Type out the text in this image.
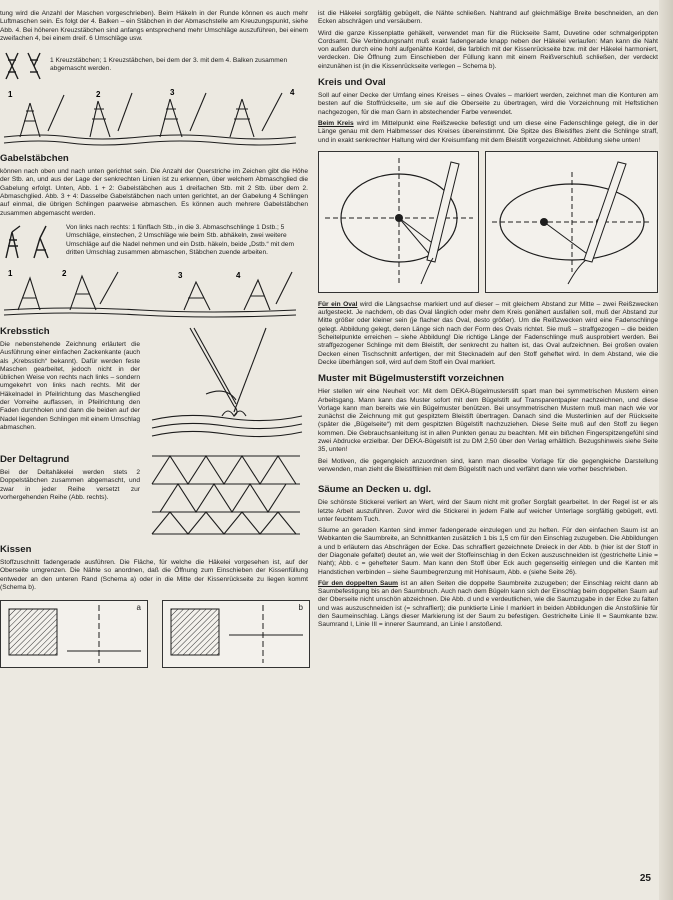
tung wird die Anzahl der Maschen vorgeschrieben). Beim Häkeln in der Runde können es auch mehr Luftmaschen sein. Es folgt der 4. Balken – ein Stäbchen in der Abmaschstelle am Kreuzungspunkt, siehe Abb. 4. Bei höheren Kreuzstäbchen sind anfangs entsprechend mehr Umschläge auszuführen, bei einem zweifachen 4, bei einem dreif. 6 Umschläge usw.

1 Kreuzstäbchen; 1 Kreuzstäbchen, bei dem der 3. mit dem 4. Balken zusammen abgemascht werden.
1	2	3	4
Gabelstäbchen

können nach oben und nach unten gerichtet sein. Die Anzahl der Querstriche im Zeichen gibt die Höhe der Stb. an, und aus der Lage der senkrechten Linien ist zu erkennen, über welchem Abmaschglied die Gabelung erfolgt. Unten, Abb. 1 + 2: Gabelstäbchen aus 1 dreifachen Stb. mit 2 Stb. über dem 2. Abmaschglied. Abb. 3 + 4: Dasselbe Gabelstäbchen nach unten gerichtet, an der Gabelung 4 Schlingen auf einmal, die übrigen Schlingen paarweise abmaschen. Es können auch mehrere Gabelstäbchen zusammen abgemascht werden.

Von links nach rechts: 1 fünffach Stb., in die 3. Abmaschschlinge 1 Dstb.; 5 Umschläge, einstechen, 2 Umschläge wie beim Stb. abhäkeln, zwei weitere Umschläge auf die Nadel nehmen und ein Dstb. häkeln, beide „Dstb.“ mit dem dritten Umschlag zusammen abmaschen, Stäbchen zuende arbeiten.
1	2	3	4
Krebsstich

Die nebenstehende Zeichnung erläutert die Ausführung einer einfachen Zackenkante (auch als „Krebsstich“ bekannt). Dafür werden feste Maschen gearbeitet, jedoch nicht in der üblichen Weise von rechts nach links – sondern umgekehrt von links nach rechts. Mit der Häkelnadel in Pfeilrichtung das Maschenglied der Vorreihe auffassen, in Pfeilrichtung den Faden durchholen und dann die beiden auf der Nadel liegenden Schlingen mit einem Umschlag abmaschen.

Der Deltagrund

Bei der Deltahäkelei werden stets 2 Doppelstäbchen zusammen abgemascht, und zwar in jeder Reihe versetzt zur vorhergehenden Reihe (Abb. rechts).

Kissen

Stoffzuschnitt fadengerade ausführen. Die Fläche, für welche die Häkelei vorgesehen ist, auf der Oberseite umgrenzen. Die Nähte so anordnen, daß die Öffnung zum Einschieben der Kissenfüllung entweder an den unteren Rand (Schema a) oder in die Mitte der Kissenrückseite zu liegen kommt (Schema b).

a	b

ist die Häkelei sorgfältig gebügelt, die Nähte schließen. Nahtrand auf gleichmäßige Breite beschneiden, an den Ecken abschrägen und versäubern.

Wird die ganze Kissenplatte gehäkelt, verwendet man für die Rückseite Samt, Duvetine oder schmalgerippten Cordsamt. Die Verbindungsnaht muß exakt fadengerade knapp neben der Häkelei verlaufen: Man kann die Naht von außen durch eine hohl aufgenähte Kordel, die farblich mit der Kissenrückseite bzw. mit der Häkelei harmoniert, verdecken. Die Öffnung zum Einschieben der Füllung kann mit einem Reißverschluß schließen, der verdeckt einzunähen ist (in die Kissenrückseite verlegen – Schema b).

Kreis und Oval

Soll auf einer Decke der Umfang eines Kreises – eines Ovales – markiert werden, zeichnet man die Konturen am besten auf die Stoffrückseite, um sie auf die Oberseite zu übertragen, wird die Vorzeichnung mit Heftstichen nachgezogen, für die man Garn in abstechender Farbe verwendet.

Beim Kreis wird im Mittelpunkt eine Reißzwecke befestigt und um diese eine Fadenschlinge gelegt, die in der Länge genau mit dem Halbmesser des Kreises übereinstimmt. Die Spitze des Bleistiftes zieht die Schlinge straff, und in exakt senkrechter Haltung wird der Kreisumfang mit dem Bleistift vorgezeichnet. Abbildung siehe unten!

Für ein Oval wird die Längsachse markiert und auf dieser – mit gleichem Abstand zur Mitte – zwei Reißzwecken aufgesteckt. Je nachdem, ob das Oval länglich oder mehr dem Kreis genähert ausfallen soll, muß der Abstand zur Mitte größer oder kleiner sein (je flacher das Oval, desto größer). Um die Reißzwecken wird eine Fadenschlinge gelegt. Abbildung gelegt, deren Länge sich nach der Form des Ovals richtet. Sie muß – straffgezogen – die beiden Scheitelpunkte erreichen – siehe Abbildung! Die richtige Länge der Fadenschlinge muß ausprobiert werden. Bei straffgezogener Schlinge mit dem Bleistift, der senkrecht zu halten ist, das Oval aufzeichnen. Bei großen ovalen Decken einen Tischschnitt anfertigen, der mit Stecknadeln auf den Stoff geheftet wird. In dem Abstand, wie die Decke überhängen soll, wird auf dem Stoff ein Oval markiert.

Muster mit Bügelmusterstift vorzeichnen

Hier stellen wir eine Neuheit vor: Mit dem DEKA-Bügelmusterstift spart man bei symmetrischen Mustern einen Arbeitsgang. Mann kann das Muster sofort mit dem Bügelstift auf Transparentpapier nachzeichnen, und diese Vorlage kann man bereits wie ein Bügelmuster benützen. Bei unsymmetrischen Mustern muß man nach wie vor zunächst die Zeichnung mit gut gespitztem Bleistift übertragen. Danach sind die Musterlinien auf der Rückseite (später die „Bügelseite“) mit dem gespitzten Bügelstift nachzuziehen. Diese Seite muß auf den Stoff zu liegen kommen. Die Gebrauchsanleitung ist in allen Punkten genau zu beachten. Mit ein bißchen Fingerspitzengefühl sind zwei Abdrucke erzielbar. Der DEKA-Bügelstift ist zu DM 2,50 über den Verlag erhältlich. Bezugshinweis siehe Seite 35, unten!

Bei Motiven, die gegengleich anzuordnen sind, kann man dieselbe Vorlage für die gegengleiche Darstellung verwenden, man zieht die Bleistiftlinien mit dem Bügelstift nach und verfährt dann wie vorher beschrieben.

Säume an Decken u. dgl.

Die schönste Stickerei verliert an Wert, wird der Saum nicht mit großer Sorgfalt gearbeitet. In der Regel ist er als letzte Arbeit auszuführen. Zuvor wird die Stickerei in jedem Falle auf weicher Unterlage sorgfältig gebügelt, evtl. unter feuchtem Tuch.

Säume an geraden Kanten sind immer fadengerade einzulegen und zu heften. Für den einfachen Saum ist an Webkanten die Saumbreite, an Schnittkanten zusätzlich 1 bis 1,5 cm für den Einschlag zuzugeben. Die Abbildungen a und b erläutern das Abschrägen der Ecke. Das schraffiert gezeichnete Dreieck in der Abb. b (hier ist der Stoff in der Diagonale gefaltet) deutet an, wie weit der Stoffeinschlag in den Ecken auszuschneiden ist (gestrichelte Linie = Naht); Abb. c = gehefteter Saum. Man kann den Stoff über Eck auch gegenseitig einlegen und die Kanten mit Handstichen verbinden – siehe Saumbegrenzung mit Hohlsaum, Abb. e (siehe Seite 26).

Für den doppelten Saum ist an allen Seiten die doppelte Saumbreite zuzugeben; der Einschlag reicht dann ab Saumbefestigung bis an den Saumbruch. Auch nach dem Bügeln kann sich der Einschlag beim doppelten Saum auf der Oberseite nicht unschön abzeichnen. Die Abb. d und e verdeutlichen, wie die Saumzugabe in der Ecke zu falten und was auszuschneiden ist (= schraffiert); die punktierte Linie I markiert in beiden Abbildungen die Anstoßlinie für den Saumeinschlag. Längs dieser Markierung ist der Saum zu befestigen. Gestrichelte Linie II = Saumkante bzw. Saumrand I, Linie III = innerer Saumrand, an Linie I anstoßend.

25
